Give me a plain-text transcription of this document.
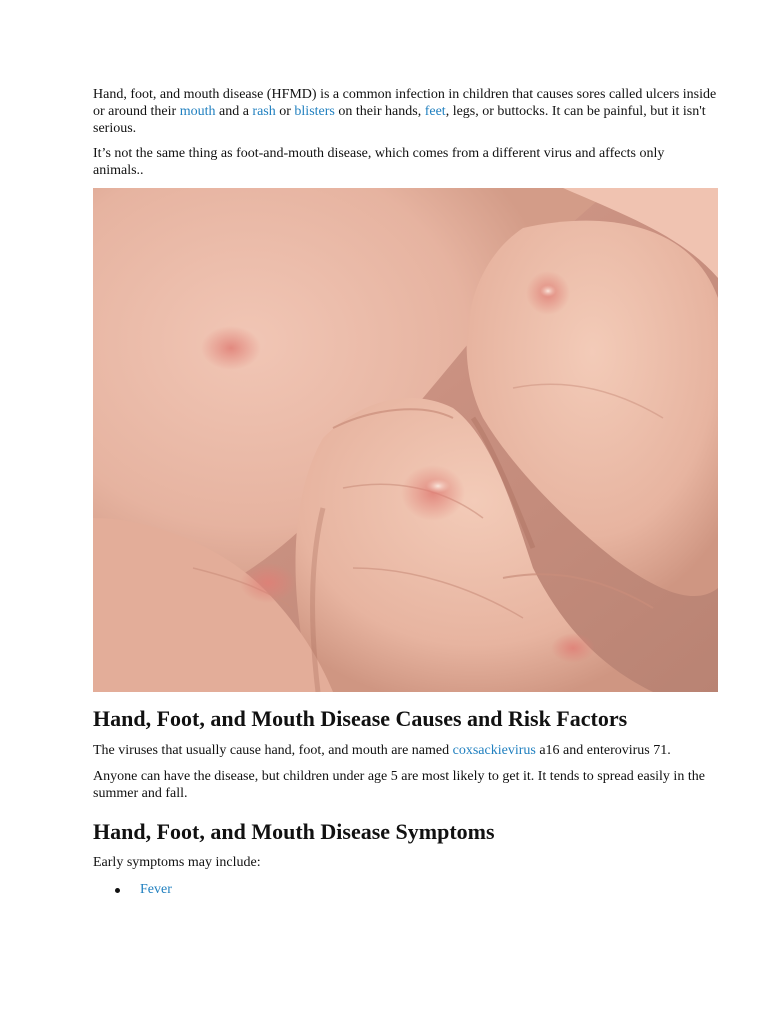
Hand, foot, and mouth disease (HFMD) is a common infection in children that causes sores called ulcers inside or around their mouth and a rash or blisters on their hands, feet, legs, or buttocks. It can be painful, but it isn't serious.

It’s not the same thing as foot-and-mouth disease, which comes from a different virus and affects only animals..

Hand, Foot, and Mouth Disease Causes and Risk Factors

The viruses that usually cause hand, foot, and mouth are named coxsackievirus a16 and enterovirus 71.

Anyone can have the disease, but children under age 5 are most likely to get it. It tends to spread easily in the summer and fall.

Hand, Foot, and Mouth Disease Symptoms

Early symptoms may include:

Fever
